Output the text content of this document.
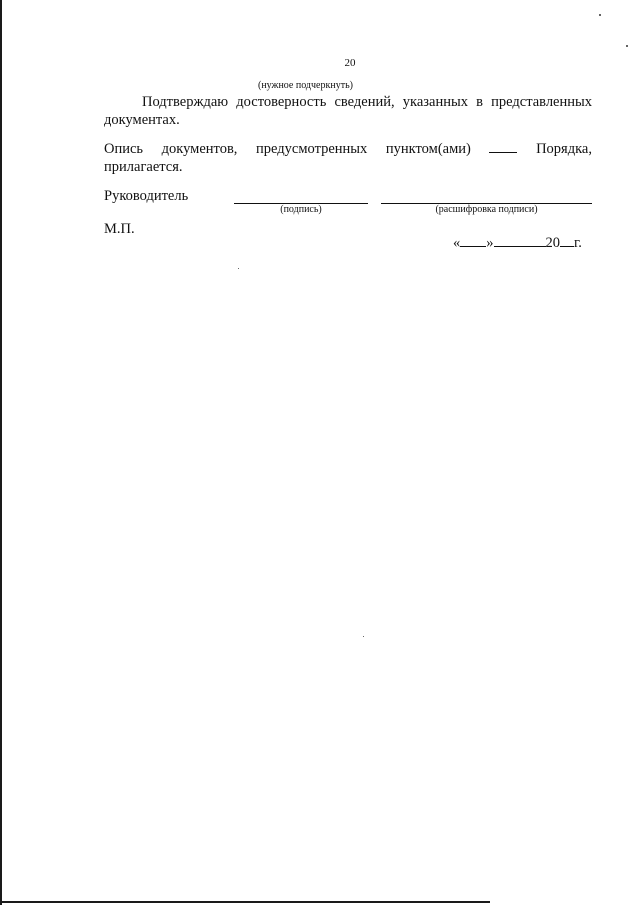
20
(нужное подчеркнуть)
Подтверждаю достоверность сведений, указанных в представленных документах.
Опись документов, предусмотренных пунктом(ами)	Порядка,
прилагается.
Руководитель
(подпись)	(расшифровка подписи)
М.П.
« »	20 г.
